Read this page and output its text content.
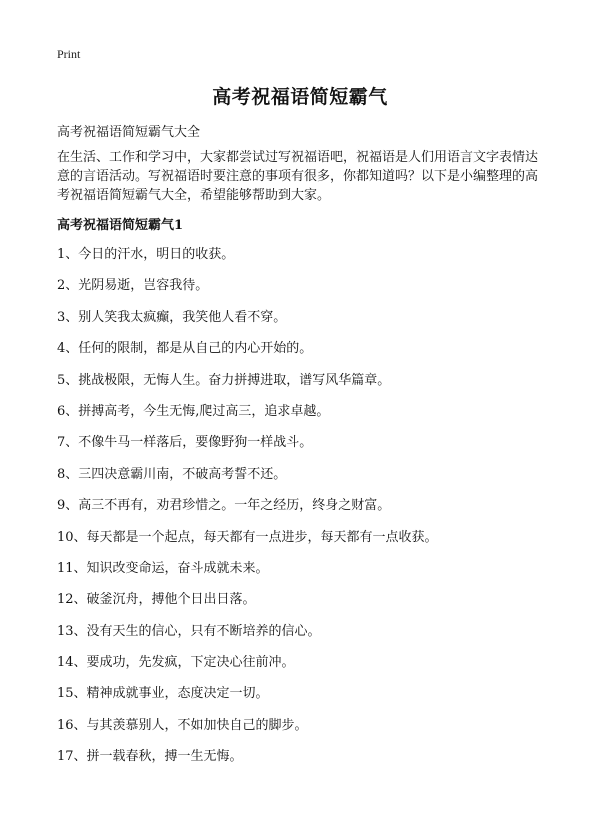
Print
高考祝福语简短霸气
高考祝福语简短霸气大全
在生活、工作和学习中，大家都尝试过写祝福语吧，祝福语是人们用语言文字表情达意的言语活动。写祝福语时要注意的事项有很多，你都知道吗？以下是小编整理的高考祝福语简短霸气大全，希望能够帮助到大家。
高考祝福语简短霸气1
1、今日的汗水，明日的收获。
2、光阴易逝，岂容我待。
3、别人笑我太疯癫，我笑他人看不穿。
4、任何的限制，都是从自己的内心开始的。
5、挑战极限，无悔人生。奋力拼搏进取，谱写风华篇章。
6、拼搏高考，今生无悔,爬过高三，追求卓越。
7、不像牛马一样落后，要像野狗一样战斗。
8、三四决意霸川南，不破高考誓不还。
9、高三不再有，劝君珍惜之。一年之经历，终身之财富。
10、每天都是一个起点，每天都有一点进步，每天都有一点收获。
11、知识改变命运，奋斗成就未来。
12、破釜沉舟，搏他个日出日落。
13、没有天生的信心，只有不断培养的信心。
14、要成功，先发疯，下定决心往前冲。
15、精神成就事业，态度决定一切。
16、与其羡慕别人，不如加快自己的脚步。
17、拼一载春秋，搏一生无悔。
